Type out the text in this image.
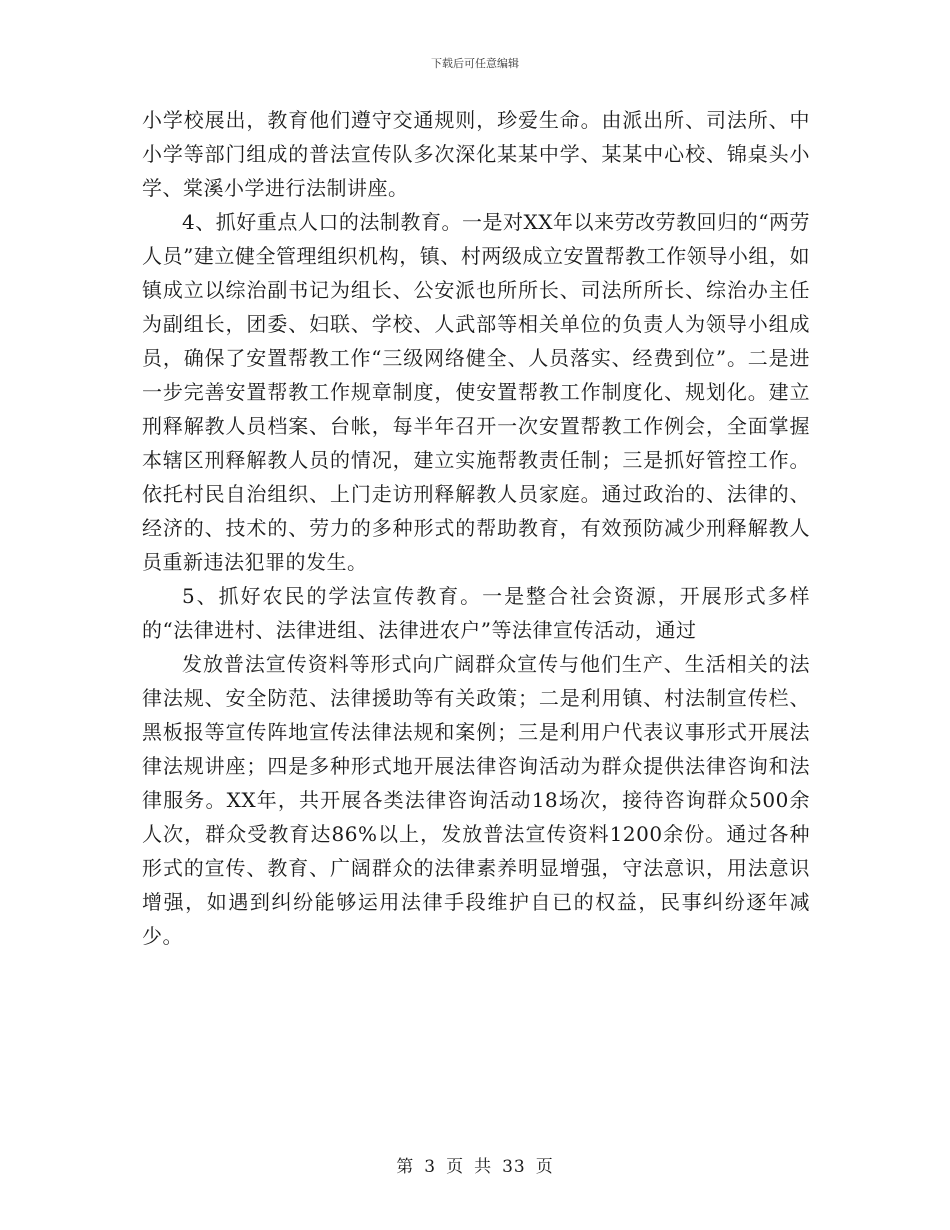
下载后可任意编辑

小学校展出，教育他们遵守交通规则，珍爱生命。由派出所、司法所、中小学等部门组成的普法宣传队多次深化某某中学、某某中心校、锦桌头小学、棠溪小学进行法制讲座。

4、抓好重点人口的法制教育。一是对XX年以来劳改劳教回归的“两劳人员”建立健全管理组织机构，镇、村两级成立安置帮教工作领导小组，如镇成立以综治副书记为组长、公安派也所所长、司法所所长、综治办主任为副组长，团委、妇联、学校、人武部等相关单位的负责人为领导小组成员，确保了安置帮教工作“三级网络健全、人员落实、经费到位”。二是进一步完善安置帮教工作规章制度，使安置帮教工作制度化、规划化。建立刑释解教人员档案、台帐，每半年召开一次安置帮教工作例会，全面掌握本辖区刑释解教人员的情况，建立实施帮教责任制；三是抓好管控工作。依托村民自治组织、上门走访刑释解教人员家庭。通过政治的、法律的、经济的、技术的、劳力的多种形式的帮助教育，有效预防减少刑释解教人员重新违法犯罪的发生。

5、抓好农民的学法宣传教育。一是整合社会资源，开展形式多样的“法律进村、法律进组、法律进农户”等法律宣传活动，通过

发放普法宣传资料等形式向广阔群众宣传与他们生产、生活相关的法律法规、安全防范、法律援助等有关政策；二是利用镇、村法制宣传栏、黑板报等宣传阵地宣传法律法规和案例；三是利用户代表议事形式开展法律法规讲座；四是多种形式地开展法律咨询活动为群众提供法律咨询和法律服务。XX年，共开展各类法律咨询活动18场次，接待咨询群众500余人次，群众受教育达86%以上，发放普法宣传资料1200余份。通过各种形式的宣传、教育、广阔群众的法律素养明显增强，守法意识，用法意识增强，如遇到纠纷能够运用法律手段维护自已的权益，民事纠纷逐年减少。

第 3 页 共 33 页
